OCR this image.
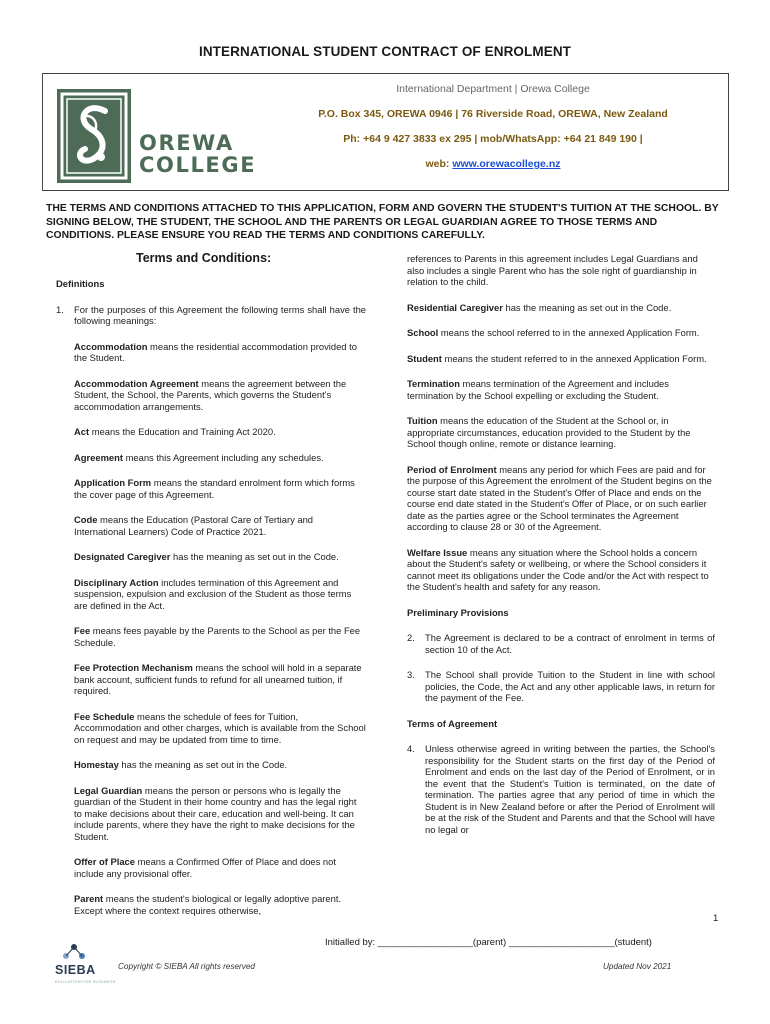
INTERNATIONAL STUDENT CONTRACT OF ENROLMENT
OREWA
COLLEGE
International Department | Orewa College
P.O. Box 345, OREWA 0946 | 76 Riverside Road, OREWA, New Zealand
Ph: +64 9 427 3833 ex 295 | mob/WhatsApp: +64 21 849 190 |
web: www.orewacollege.nz
THE TERMS AND CONDITIONS ATTACHED TO THIS APPLICATION, FORM AND GOVERN THE STUDENT'S TUITION AT THE SCHOOL. BY SIGNING BELOW, THE STUDENT, THE SCHOOL AND THE PARENTS OR LEGAL GUARDIAN AGREE TO THOSE TERMS AND CONDITIONS. PLEASE ENSURE YOU READ THE TERMS AND CONDITIONS CAREFULLY.
Terms and Conditions:
Definitions
1.	For the purposes of this Agreement the following terms shall have the following meanings:
Accommodation means the residential accommodation provided to the Student.
Accommodation Agreement means the agreement between the Student, the School, the Parents, which governs the Student's accommodation arrangements.
Act means the Education and Training Act 2020.
Agreement means this Agreement including any schedules.
Application Form means the standard enrolment form which forms the cover page of this Agreement.
Code means the Education (Pastoral Care of Tertiary and International Learners) Code of Practice 2021.
Designated Caregiver has the meaning as set out in the Code.
Disciplinary Action includes termination of this Agreement and suspension, expulsion and exclusion of the Student as those terms are defined in the Act.
Fee means fees payable by the Parents to the School as per the Fee Schedule.
Fee Protection Mechanism means the school will hold in a separate bank account, sufficient funds to refund for all unearned tuition, if required.
Fee Schedule means the schedule of fees for Tuition, Accommodation and other charges, which is available from the School on request and may be updated from time to time.
Homestay has the meaning as set out in the Code.
Legal Guardian means the person or persons who is legally the guardian of the Student in their home country and has the legal right to make decisions about their care, education and well-being. It can include parents, where they have the right to make decisions for the Student.
Offer of Place means a Confirmed Offer of Place and does not include any provisional offer.
Parent means the student's biological or legally adoptive parent. Except where the context requires otherwise,
references to Parents in this agreement includes Legal Guardians and also includes a single Parent who has the sole right of guardianship in relation to the child.
Residential Caregiver has the meaning as set out in the Code.
School means the school referred to in the annexed Application Form.
Student means the student referred to in the annexed Application Form.
Termination means termination of the Agreement and includes termination by the School expelling or excluding the Student.
Tuition means the education of the Student at the School or, in appropriate circumstances, education provided to the Student by the School though online, remote or distance learning.
Period of Enrolment means any period for which Fees are paid and for the purpose of this Agreement the enrolment of the Student begins on the course start date stated in the Student's Offer of Place and ends on the course end date stated in the Student's Offer of Place, or on such earlier date as the parties agree or the School terminates the Agreement according to clause 28 or 30 of the Agreement.
Welfare Issue means any situation where the School holds a concern about the Student's safety or wellbeing, or where the School considers it cannot meet its obligations under the Code and/or the Act with respect to the Student's health and safety for any reason.
Preliminary Provisions
2.	The Agreement is declared to be a contract of enrolment in terms of section 10 of the Act.
3.	The School shall provide Tuition to the Student in line with school policies, the Code, the Act and any other applicable laws, in return for the payment of the Fee.
Terms of Agreement
4.	Unless otherwise agreed in writing between the parties, the School's responsibility for the Student starts on the first day of the Period of Enrolment and ends on the last day of the Period of Enrolment, or in the event that the Student's Tuition is terminated, on the date of termination. The parties agree that any period of time in which the Student is in New Zealand before or after the Period of Enrolment will be at the risk of the Student and Parents and that the School will have no legal or
1
Initialled by: __________________(parent) ____________________(student)
SIEBA
EDUCATION FOR BUSINESS
Copyright © SIEBA All rights reserved	Updated Nov 2021
